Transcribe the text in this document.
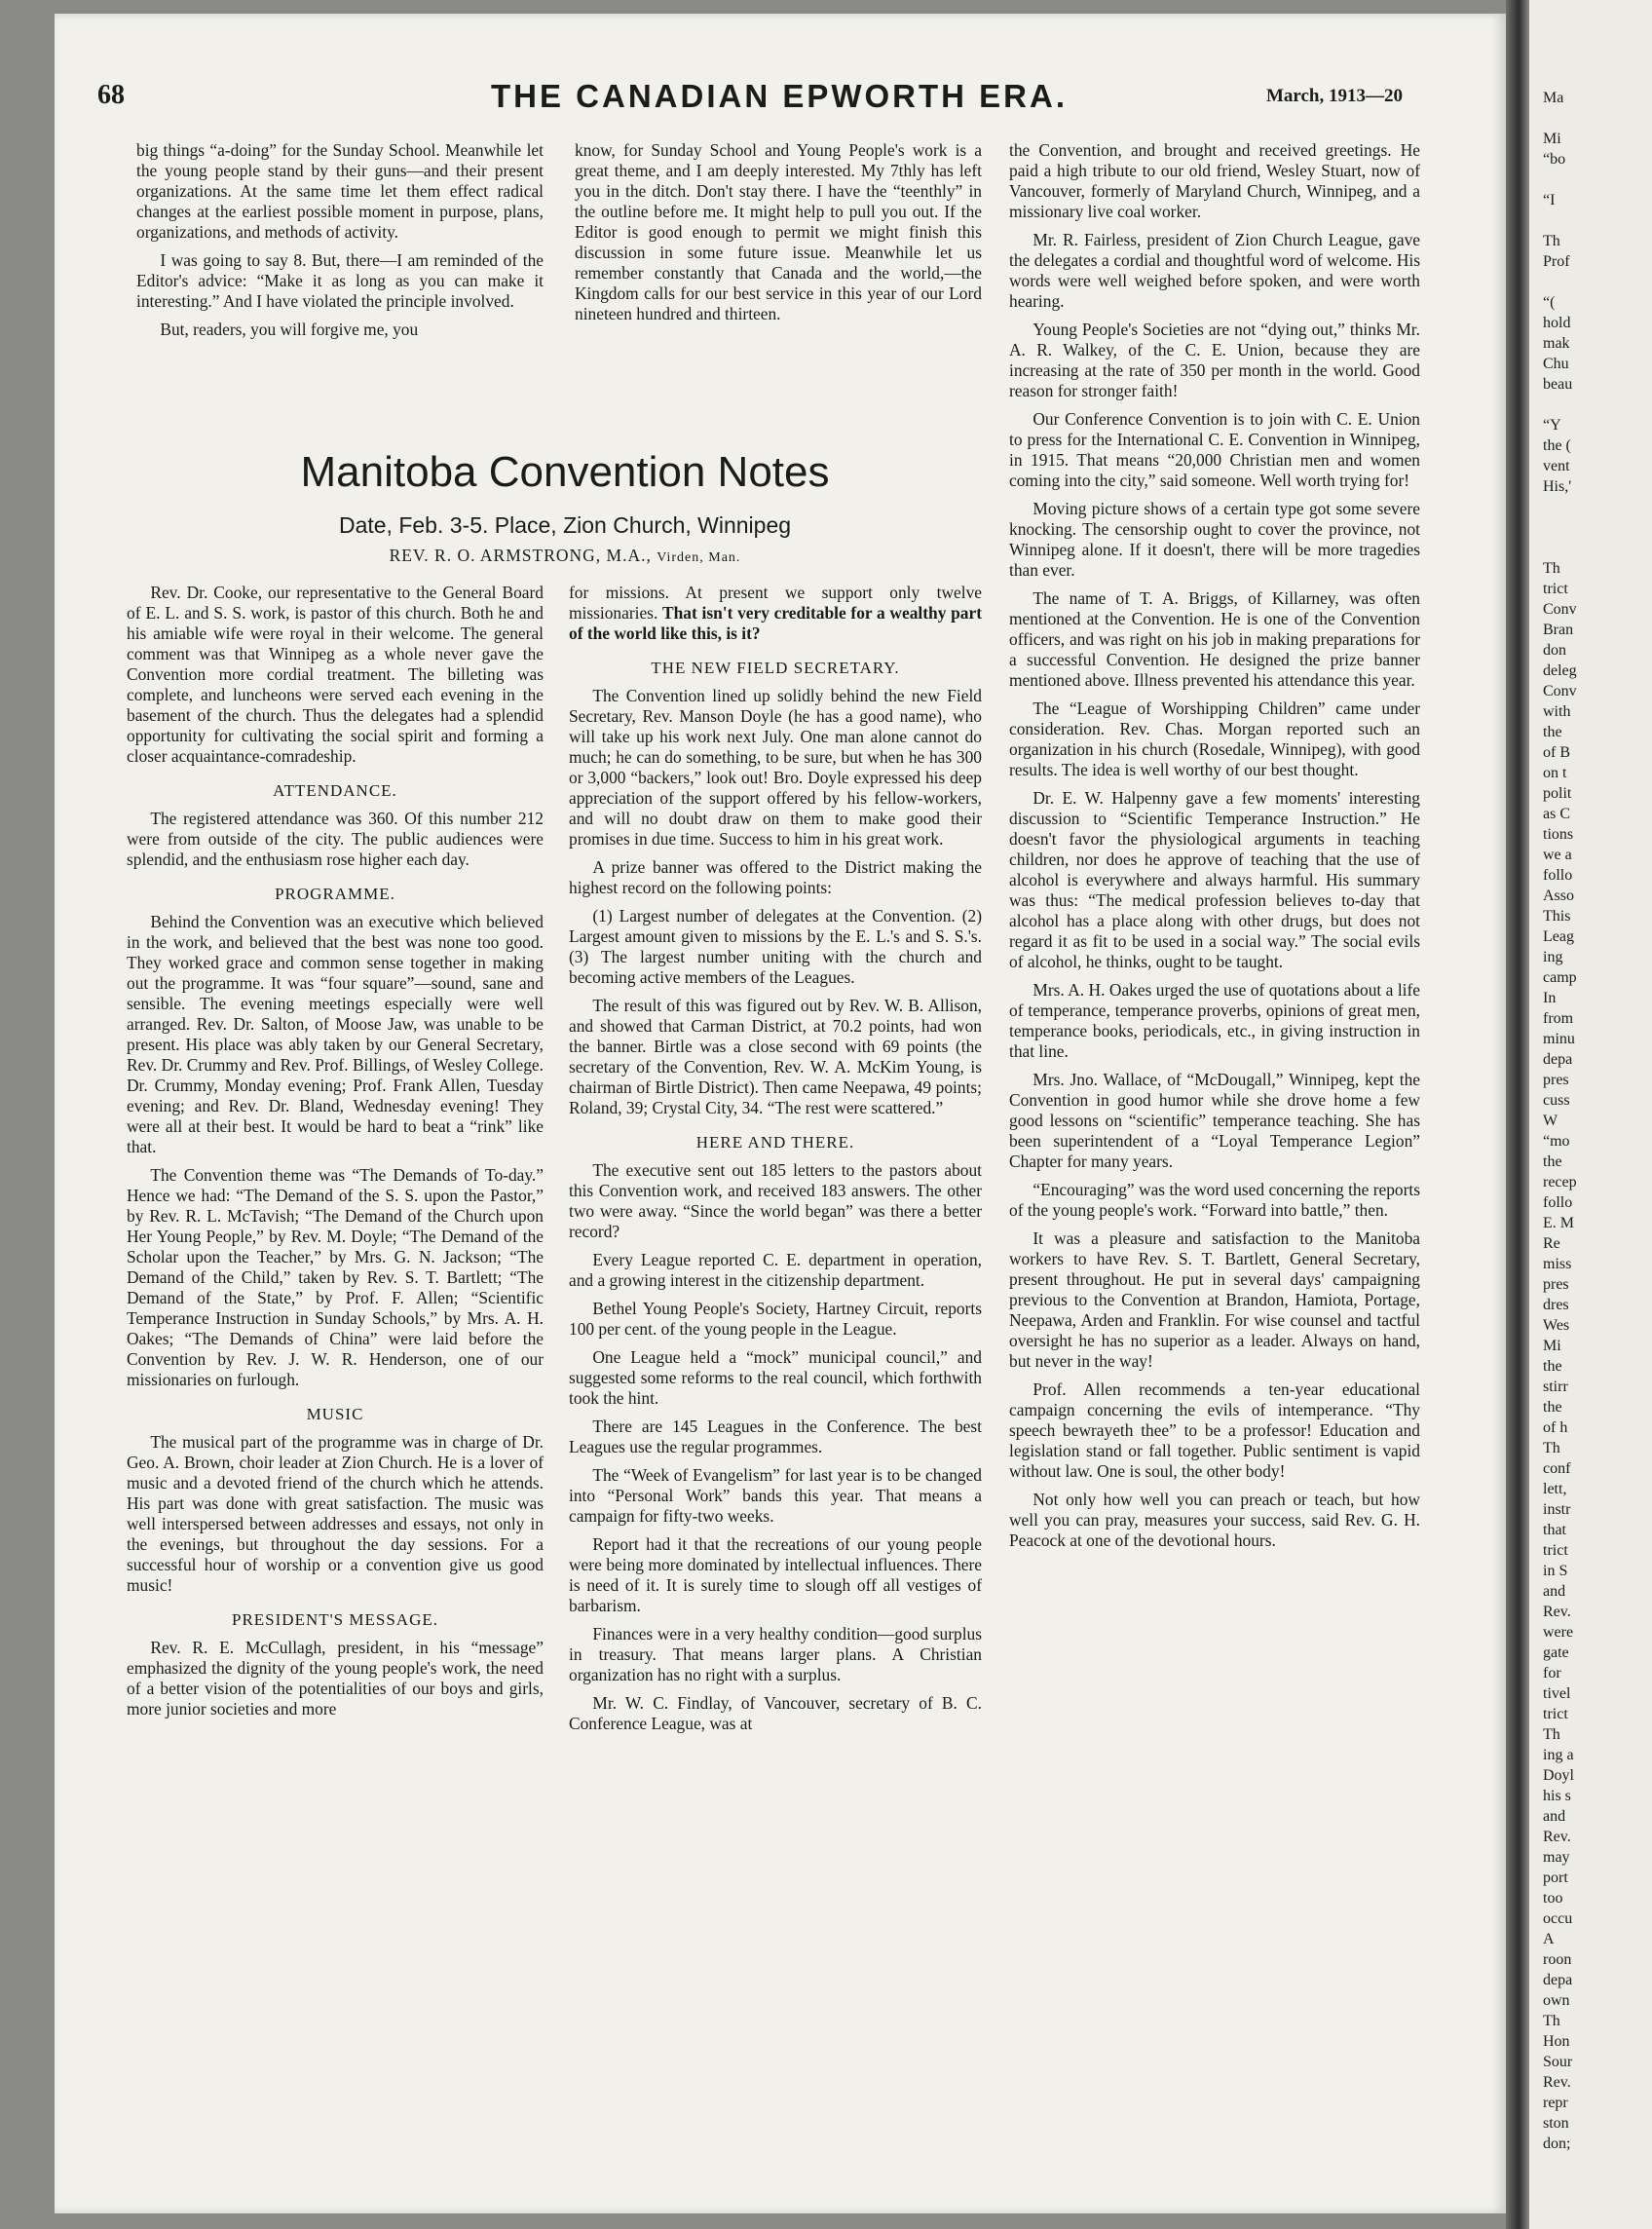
Ma
Mi
“bo
“I
Th
Prof
“(
hold
mak
Chu
beau
“Y
the (
vent
His,'
Th
trict
Conv
Bran
don
deleg
Conv
with
the
of B
on t
polit
as C
tions
we a
follo
Asso
This
Leag
ing
camp
In
from
minu
depa
pres
cuss
W
“mo
the
recep
follo
E. M
Re
miss
pres
dres
Wes
Mi
the
stirr
the
of h
Th
conf
lett,
instr
that
trict
in S
and
Rev.
were
gate
for
tivel
trict
Th
ing a
Doyl
his s
and
Rev.
may
port
too
occu
A
roon
depa
own
Th
Hon
Sour
Rev.
repr
ston
don;
68	THE CANADIAN EPWORTH ERA.	March, 1913—20

big things “a-doing” for the Sunday School. Meanwhile let the young people stand by their guns—and their present organizations. At the same time let them effect radical changes at the earliest possible moment in purpose, plans, organizations, and methods of activity.

I was going to say 8. But, there—I am reminded of the Editor's advice: “Make it as long as you can make it interesting.” And I have violated the principle involved.

But, readers, you will forgive me, you

know, for Sunday School and Young People's work is a great theme, and I am deeply interested. My 7thly has left you in the ditch. Don't stay there. I have the “teenthly” in the outline before me. It might help to pull you out. If the Editor is good enough to permit we might finish this discussion in some future issue. Meanwhile let us remember constantly that Canada and the world,—the Kingdom calls for our best service in this year of our Lord nineteen hundred and thirteen.

Manitoba Convention Notes
Date, Feb. 3-5. Place, Zion Church, Winnipeg
REV. R. O. ARMSTRONG, M.A., Virden, Man.

Rev. Dr. Cooke, our representative to the General Board of E. L. and S. S. work, is pastor of this church. Both he and his amiable wife were royal in their welcome. The general comment was that Winnipeg as a whole never gave the Convention more cordial treatment. The billeting was complete, and luncheons were served each evening in the basement of the church. Thus the delegates had a splendid opportunity for cultivating the social spirit and forming a closer acquaintance-comradeship.

ATTENDANCE.

The registered attendance was 360. Of this number 212 were from outside of the city. The public audiences were splendid, and the enthusiasm rose higher each day.

PROGRAMME.

Behind the Convention was an executive which believed in the work, and believed that the best was none too good. They worked grace and common sense together in making out the programme. It was “four square”—sound, sane and sensible. The evening meetings especially were well arranged. Rev. Dr. Salton, of Moose Jaw, was unable to be present. His place was ably taken by our General Secretary, Rev. Dr. Crummy and Rev. Prof. Billings, of Wesley College. Dr. Crummy, Monday evening; Prof. Frank Allen, Tuesday evening; and Rev. Dr. Bland, Wednesday evening! They were all at their best. It would be hard to beat a “rink” like that.

The Convention theme was “The Demands of To-day.” Hence we had: “The Demand of the S. S. upon the Pastor,” by Rev. R. L. McTavish; “The Demand of the Church upon Her Young People,” by Rev. M. Doyle; “The Demand of the Scholar upon the Teacher,” by Mrs. G. N. Jackson; “The Demand of the Child,” taken by Rev. S. T. Bartlett; “The Demand of the State,” by Prof. F. Allen; “Scientific Temperance Instruction in Sunday Schools,” by Mrs. A. H. Oakes; “The Demands of China” were laid before the Convention by Rev. J. W. R. Henderson, one of our missionaries on furlough.

MUSIC

The musical part of the programme was in charge of Dr. Geo. A. Brown, choir leader at Zion Church. He is a lover of music and a devoted friend of the church which he attends. His part was done with great satisfaction. The music was well interspersed between addresses and essays, not only in the evenings, but throughout the day sessions. For a successful hour of worship or a convention give us good music!

PRESIDENT'S MESSAGE.

Rev. R. E. McCullagh, president, in his “message” emphasized the dignity of the young people's work, the need of a better vision of the potentialities of our boys and girls, more junior societies and more

for missions. At present we support only twelve missionaries. That isn't very creditable for a wealthy part of the world like this, is it?

THE NEW FIELD SECRETARY.

The Convention lined up solidly behind the new Field Secretary, Rev. Manson Doyle (he has a good name), who will take up his work next July. One man alone cannot do much; he can do something, to be sure, but when he has 300 or 3,000 “backers,” look out! Bro. Doyle expressed his deep appreciation of the support offered by his fellow-workers, and will no doubt draw on them to make good their promises in due time. Success to him in his great work.

A prize banner was offered to the District making the highest record on the following points:

(1) Largest number of delegates at the Convention. (2) Largest amount given to missions by the E. L.'s and S. S.'s. (3) The largest number uniting with the church and becoming active members of the Leagues.

The result of this was figured out by Rev. W. B. Allison, and showed that Carman District, at 70.2 points, had won the banner. Birtle was a close second with 69 points (the secretary of the Convention, Rev. W. A. McKim Young, is chairman of Birtle District). Then came Neepawa, 49 points; Roland, 39; Crystal City, 34. “The rest were scattered.”

HERE AND THERE.

The executive sent out 185 letters to the pastors about this Convention work, and received 183 answers. The other two were away. “Since the world began” was there a better record?

Every League reported C. E. department in operation, and a growing interest in the citizenship department.

Bethel Young People's Society, Hartney Circuit, reports 100 per cent. of the young people in the League.

One League held a “mock” municipal council,” and suggested some reforms to the real council, which forthwith took the hint.

There are 145 Leagues in the Conference. The best Leagues use the regular programmes.

The “Week of Evangelism” for last year is to be changed into “Personal Work” bands this year. That means a campaign for fifty-two weeks.

Report had it that the recreations of our young people were being more dominated by intellectual influences. There is need of it. It is surely time to slough off all vestiges of barbarism.

Finances were in a very healthy condition—good surplus in treasury. That means larger plans. A Christian organization has no right with a surplus.

Mr. W. C. Findlay, of Vancouver, secretary of B. C. Conference League, was at

the Convention, and brought and received greetings. He paid a high tribute to our old friend, Wesley Stuart, now of Vancouver, formerly of Maryland Church, Winnipeg, and a missionary live coal worker.

Mr. R. Fairless, president of Zion Church League, gave the delegates a cordial and thoughtful word of welcome. His words were well weighed before spoken, and were worth hearing.

Young People's Societies are not “dying out,” thinks Mr. A. R. Walkey, of the C. E. Union, because they are increasing at the rate of 350 per month in the world. Good reason for stronger faith!

Our Conference Convention is to join with C. E. Union to press for the International C. E. Convention in Winnipeg, in 1915. That means “20,000 Christian men and women coming into the city,” said someone. Well worth trying for!

Moving picture shows of a certain type got some severe knocking. The censorship ought to cover the province, not Winnipeg alone. If it doesn't, there will be more tragedies than ever.

The name of T. A. Briggs, of Killarney, was often mentioned at the Convention. He is one of the Convention officers, and was right on his job in making preparations for a successful Convention. He designed the prize banner mentioned above. Illness prevented his attendance this year.

The “League of Worshipping Children” came under consideration. Rev. Chas. Morgan reported such an organization in his church (Rosedale, Winnipeg), with good results. The idea is well worthy of our best thought.

Dr. E. W. Halpenny gave a few moments' interesting discussion to “Scientific Temperance Instruction.” He doesn't favor the physiological arguments in teaching children, nor does he approve of teaching that the use of alcohol is everywhere and always harmful. His summary was thus: “The medical profession believes to-day that alcohol has a place along with other drugs, but does not regard it as fit to be used in a social way.” The social evils of alcohol, he thinks, ought to be taught.

Mrs. A. H. Oakes urged the use of quotations about a life of temperance, temperance proverbs, opinions of great men, temperance books, periodicals, etc., in giving instruction in that line.

Mrs. Jno. Wallace, of “McDougall,” Winnipeg, kept the Convention in good humor while she drove home a few good lessons on “scientific” temperance teaching. She has been superintendent of a “Loyal Temperance Legion” Chapter for many years.

“Encouraging” was the word used concerning the reports of the young people's work. “Forward into battle,” then.

It was a pleasure and satisfaction to the Manitoba workers to have Rev. S. T. Bartlett, General Secretary, present throughout. He put in several days' campaigning previous to the Convention at Brandon, Hamiota, Portage, Neepawa, Arden and Franklin. For wise counsel and tactful oversight he has no superior as a leader. Always on hand, but never in the way!

Prof. Allen recommends a ten-year educational campaign concerning the evils of intemperance. “Thy speech bewrayeth thee” to be a professor! Education and legislation stand or fall together. Public sentiment is vapid without law. One is soul, the other body!

Not only how well you can preach or teach, but how well you can pray, measures your success, said Rev. G. H. Peacock at one of the devotional hours.
